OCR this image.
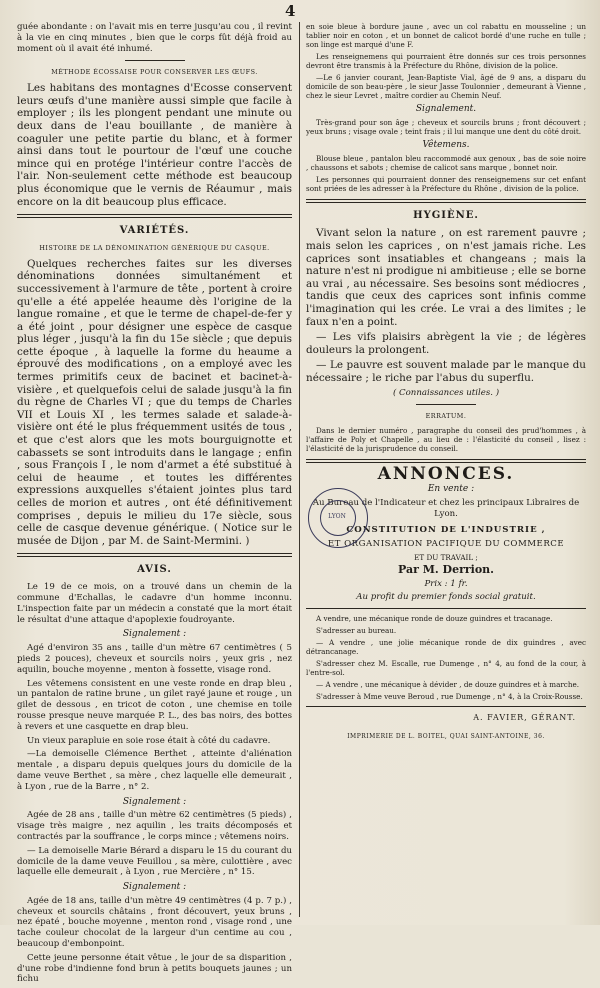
4

guée abondante : on l'avait mis en terre jusqu'au cou , il revint à la vie en cinq minutes , bien que le corps fût déjà froid au moment où il avait été inhumé.

MÉTHODE ÉCOSSAISE POUR CONSERVER LES ŒUFS.

Les habitans des montagnes d'Ecosse conservent leurs œufs d'une manière aussi simple que facile à employer ; ils les plongent pendant une minute ou deux dans de l'eau bouillante , de manière à coaguler une petite partie du blanc, et à former ainsi dans tout le pourtour de l'œuf une couche mince qui en protége l'intérieur contre l'accès de l'air. Non-seulement cette méthode est beaucoup plus économique que le vernis de Réaumur , mais encore on la dit beaucoup plus efficace.

VARIÉTÉS.
HISTOIRE DE LA DÉNOMINATION GÉNÉRIQUE DU CASQUE.

Quelques recherches faites sur les diverses dénominations données simultanément et successivement à l'armure de tête , portent à croire qu'elle a été appelée heaume dès l'origine de la langue romaine , et que le terme de chapel-de-fer y a été joint , pour désigner une espèce de casque plus léger , jusqu'à la fin du 15e siècle ; que depuis cette époque , à laquelle la forme du heaume a éprouvé des modifications , on a employé avec les termes primitifs ceux de bacinet et bacinet-à-visière , et quelquefois celui de salade jusqu'à la fin du règne de Charles VI ; que du temps de Charles VII et Louis XI , les termes salade et salade-à-visière ont été le plus fréquemment usités de tous , et que c'est alors que les mots bourguignotte et cabassets se sont introduits dans le langage ; enfin , sous François I , le nom d'armet a été substitué à celui de heaume , et toutes les différentes expressions auxquelles s'étaient jointes plus tard celles de morion et autres , ont été définitivement comprises , depuis le milieu du 17e siècle, sous celle de casque devenue générique. ( Notice sur le musée de Dijon , par M. de Saint-Mermini. )

AVIS.

Le 19 de ce mois, on a trouvé dans un chemin de la commune d'Echallas, le cadavre d'un homme inconnu. L'inspection faite par un médecin a constaté que la mort était le résultat d'une attaque d'apoplexie foudroyante.

Signalement :

Agé d'environ 35 ans , taille d'un mètre 67 centimètres ( 5 pieds 2 pouces), cheveux et sourcils noirs , yeux gris , nez aquilin, bouche moyenne , menton à fossette, visage rond.

Les vêtemens consistent en une veste ronde en drap bleu , un pantalon de ratine brune , un gilet rayé jaune et rouge , un gilet de dessous , en tricot de coton , une chemise en toile rousse presque neuve marquée P. L., des bas noirs, des bottes à revers et une casquette en drap bleu.

Un vieux parapluie en soie rose était à côté du cadavre.

—La demoiselle Clémence Berthet , atteinte d'aliénation mentale , a disparu depuis quelques jours du domicile de la dame veuve Berthet , sa mère , chez laquelle elle demeurait , à Lyon , rue de la Barre , n° 2.

Signalement :

Agée de 28 ans , taille d'un mètre 62 centimètres (5 pieds) , visage très maigre , nez aquilin , les traits décomposés et contractés par la souffrance , le corps mince ; vêtemens noirs.

— La demoiselle Marie Bérard a disparu le 15 du courant du domicile de la dame veuve Feuillou , sa mère, culottière , avec laquelle elle demeurait , à Lyon , rue Mercière , n° 15.

Signalement :

Agée de 18 ans, taille d'un mètre 49 centimètres (4 p. 7 p.) , cheveux et sourcils châtains , front découvert, yeux bruns , nez épaté , bouche moyenne , menton rond , visage rond , une tache couleur chocolat de la largeur d'un centime au cou , beaucoup d'embonpoint.

Cette jeune personne était vêtue , le jour de sa disparition , d'une robe d'indienne fond brun à petits bouquets jaunes ; un fichu

en soie bleue à bordure jaune , avec un col rabattu en mousseline ; un tablier noir en coton , et un bonnet de calicot bordé d'une ruche en tulle ; son linge est marqué d'une F.

Les renseignemens qui pourraient être donnés sur ces trois personnes devront être transmis à la Préfecture du Rhône, division de la police.

—Le 6 janvier courant, Jean-Baptiste Vial, âgé de 9 ans, a disparu du domicile de son beau-père , le sieur Jasse Toulonnier , demeurant à Vienne , chez le sieur Levret , maître cordier au Chemin Neuf.

Signalement.

Très-grand pour son âge ; cheveux et sourcils bruns ; front découvert ; yeux bruns ; visage ovale ; teint frais ; il lui manque une dent du côté droit.

Vêtemens.

Blouse bleue , pantalon bleu raccommodé aux genoux , bas de soie noire , chaussons et sabots ; chemise de calicot sans marque , bonnet noir.

Les personnes qui pourraient donner des renseignemens sur cet enfant sont priées de les adresser à la Préfecture du Rhône , division de la police.

HYGIÈNE.

Vivant selon la nature , on est rarement pauvre ; mais selon les caprices , on n'est jamais riche. Les caprices sont insatiables et changeans ; mais la nature n'est ni prodigue ni ambitieuse ; elle se borne au vrai , au nécessaire. Ses besoins sont médiocres , tandis que ceux des caprices sont infinis comme l'imagination qui les crée. Le vrai a des limites ; le faux n'en a point.

— Les vifs plaisirs abrègent la vie ; de légères douleurs la prolongent.

— Le pauvre est souvent malade par le manque du nécessaire ; le riche par l'abus du superflu.

( Connaissances utiles. )

ERRATUM.

Dans le dernier numéro , paragraphe du conseil des prud'hommes , à l'affaire de Poly et Chapelle , au lieu de : l'élasticité du conseil , lisez : l'élasticité de la jurisprudence du conseil.

ANNONCES.

En vente :

Au Bureau de l'Indicateur et chez les principaux Libraires de Lyon.

CONSTITUTION DE L'INDUSTRIE ,

ET ORGANISATION PACIFIQUE DU COMMERCE

ET DU TRAVAIL ;

Par M. Derrion.

Prix : 1 fr.

Au profit du premier fonds social gratuit.

A vendre, une mécanique ronde de douze guindres et tracanage.

S'adresser au bureau.

— A vendre , une jolie mécanique ronde de dix guindres , avec détrancanage.

S'adresser chez M. Escalle, rue Dumenge , n° 4, au fond de la cour, à l'entre-sol.

— A vendre , une mécanique à dévider , de douze guindres et à marche.

S'adresser à Mme veuve Beroud , rue Dumenge , n° 4, à la Croix-Rousse.

A. FAVIER, GÉRANT.

IMPRIMERIE DE L. BOITEL, QUAI SAINT-ANTOINE, 36.

LYON
